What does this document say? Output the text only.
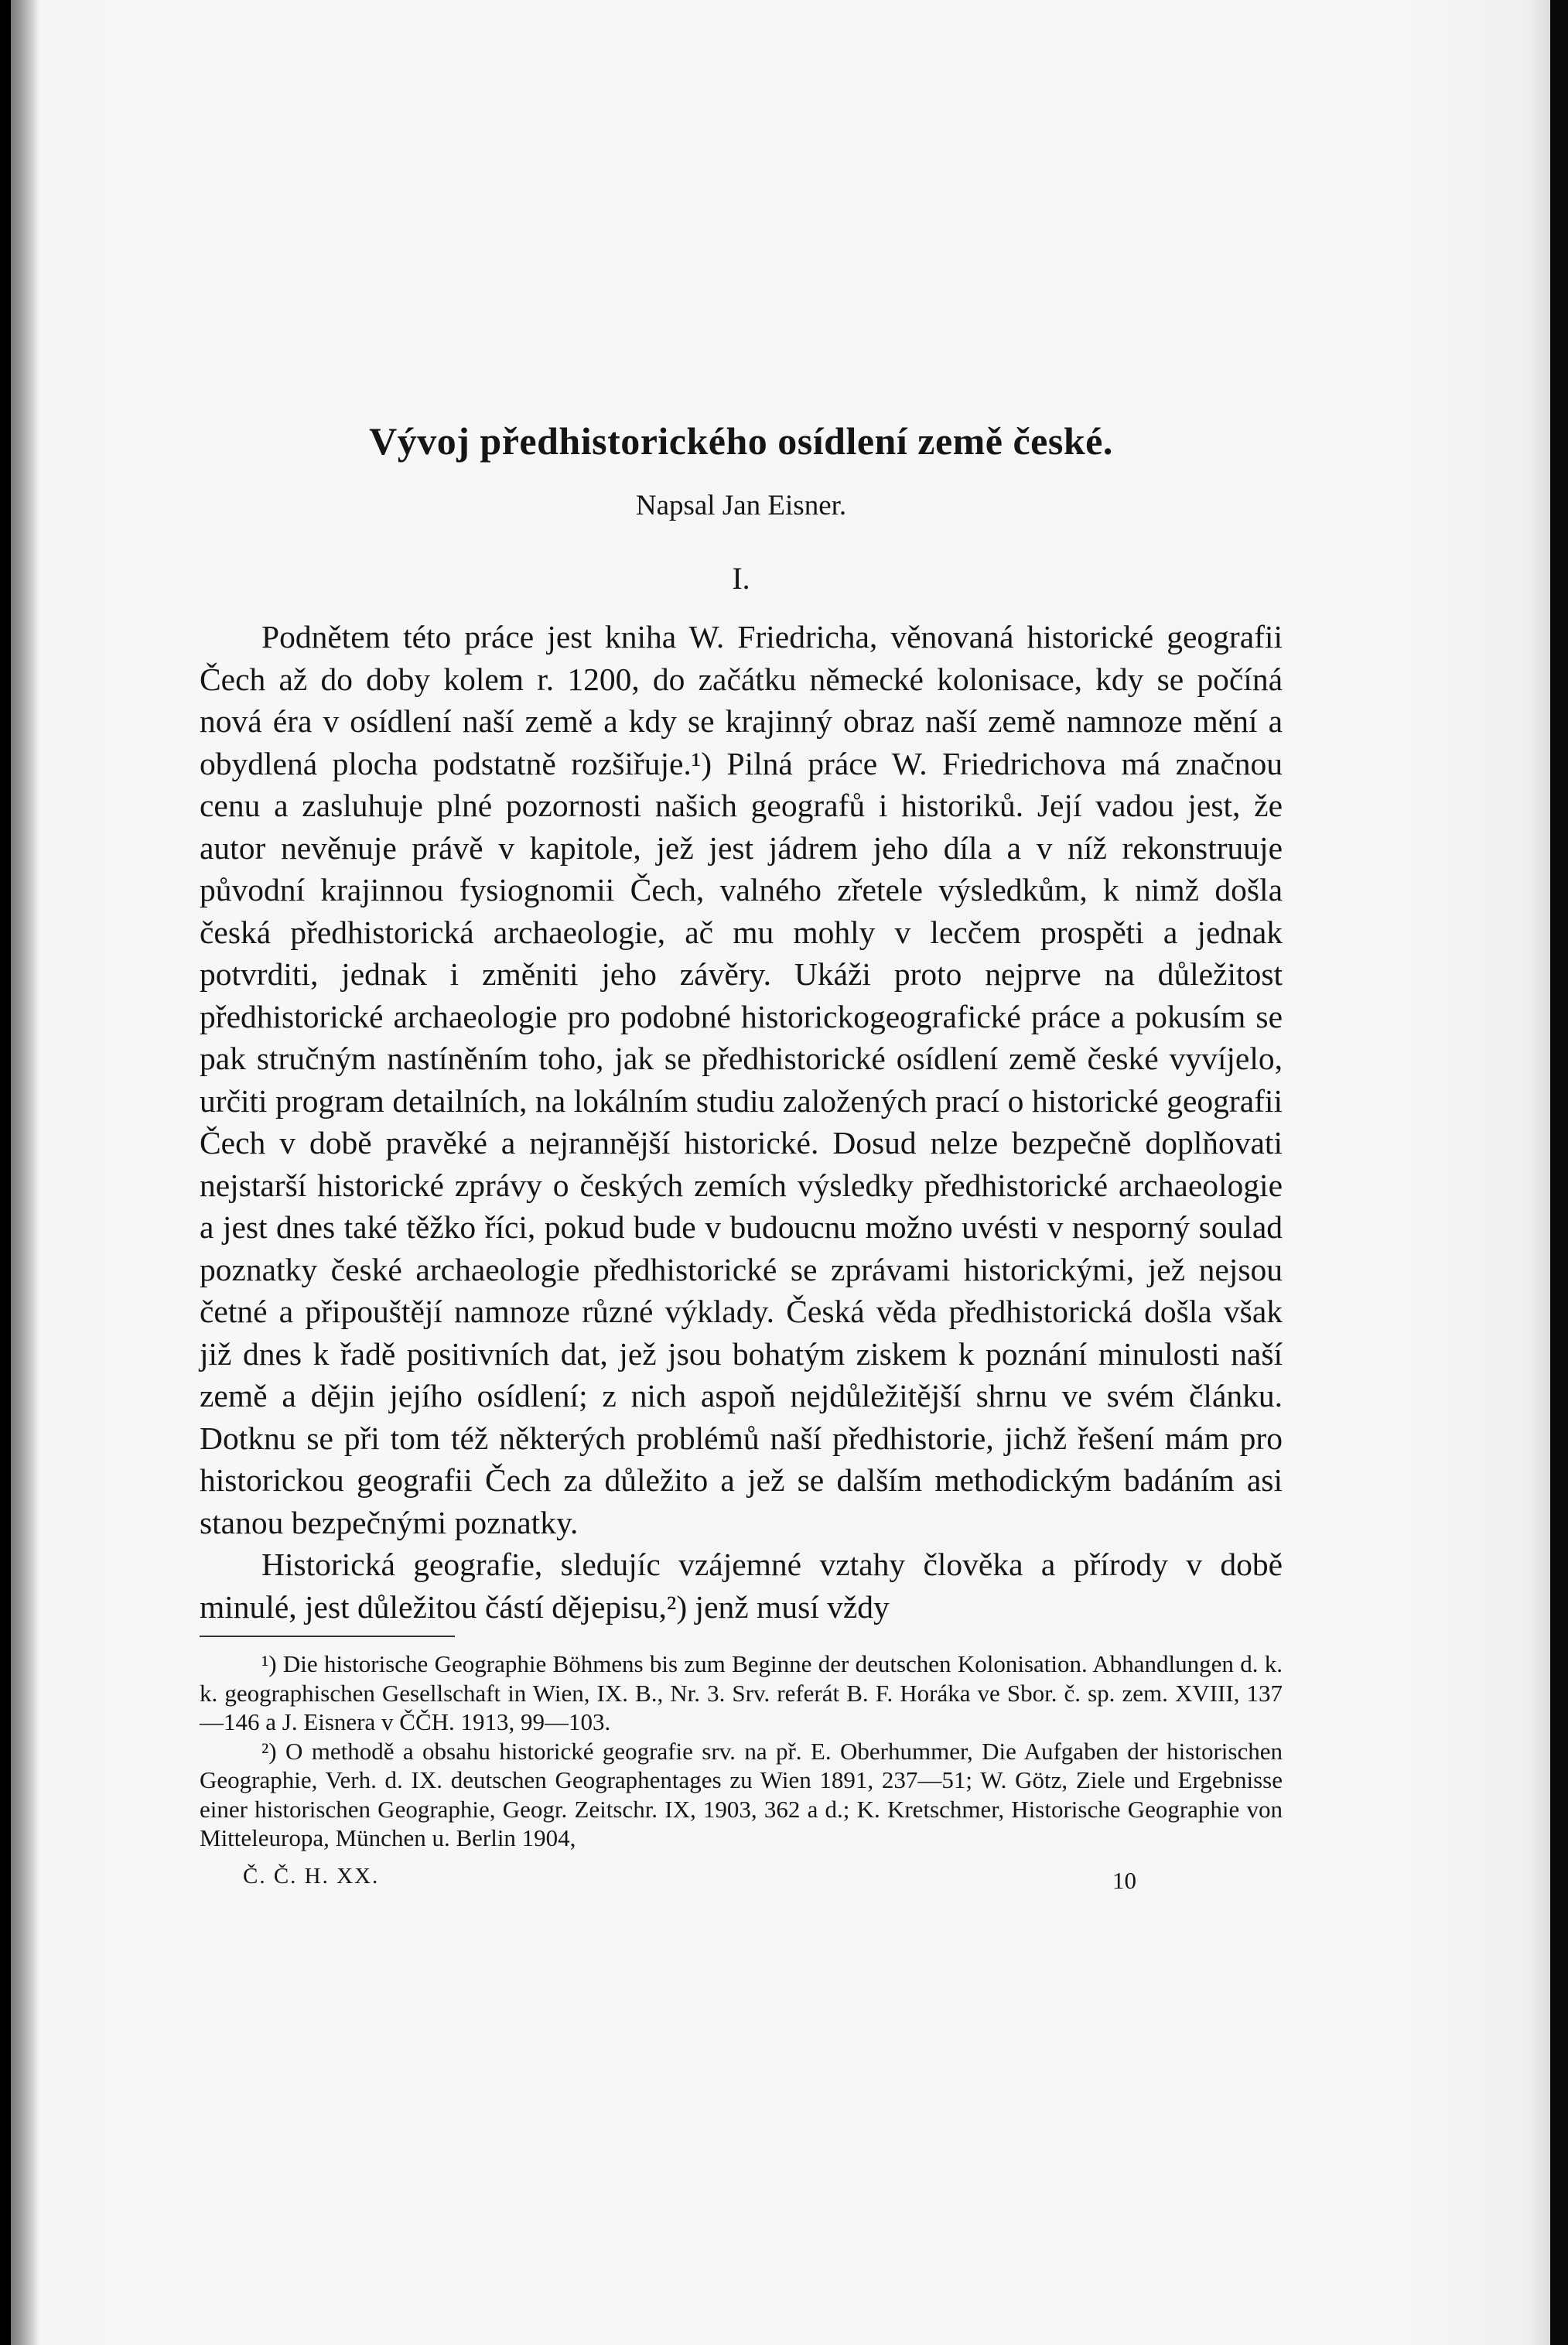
Vývoj předhistorického osídlení země české.
Napsal Jan Eisner.
I.

Podnětem této práce jest kniha W. Friedricha, věnovaná historické geografii Čech až do doby kolem r. 1200, do začátku německé kolonisace, kdy se počíná nová éra v osídlení naší země a kdy se krajinný obraz naší země namnoze mění a obydlená plocha podstatně rozšiřuje.¹) Pilná práce W. Friedrichova má značnou cenu a zasluhuje plné pozornosti našich geografů i historiků. Její vadou jest, že autor nevěnuje právě v kapitole, jež jest jádrem jeho díla a v níž rekonstruuje původní krajinnou fysiognomii Čech, valného zřetele výsledkům, k nimž došla česká předhistorická archaeologie, ač mu mohly v lecčem prospěti a jednak potvrditi, jednak i změniti jeho závěry. Ukáži proto nejprve na důležitost předhistorické archaeologie pro podobné historickogeografické práce a pokusím se pak stručným nastíněním toho, jak se předhistorické osídlení země české vyvíjelo, určiti program detailních, na lokálním studiu založených prací o historické geografii Čech v době pravěké a nejrannější historické. Dosud nelze bezpečně doplňovati nejstarší historické zprávy o českých zemích výsledky předhistorické archaeologie a jest dnes také těžko říci, pokud bude v budoucnu možno uvésti v nesporný soulad poznatky české archaeologie předhistorické se zprávami historickými, jež nejsou četné a připouštějí namnoze různé výklady. Česká věda předhistorická došla však již dnes k řadě positivních dat, jež jsou bohatým ziskem k poznání minulosti naší země a dějin jejího osídlení; z nich aspoň nejdůležitější shrnu ve svém článku. Dotknu se při tom též některých problémů naší předhistorie, jichž řešení mám pro historickou geografii Čech za důležito a jež se dalším methodickým badáním asi stanou bezpečnými poznatky.

Historická geografie, sledujíc vzájemné vztahy člověka a přírody v době minulé, jest důležitou částí dějepisu,²) jenž musí vždy

¹) Die historische Geographie Böhmens bis zum Beginne der deutschen Kolonisation. Abhandlungen d. k. k. geographischen Gesellschaft in Wien, IX. B., Nr. 3. Srv. referát B. F. Horáka ve Sbor. č. sp. zem. XVIII, 137—146 a J. Eisnera v ČČH. 1913, 99—103.

²) O methodě a obsahu historické geografie srv. na př. E. Oberhummer, Die Aufgaben der historischen Geographie, Verh. d. IX. deutschen Geographentages zu Wien 1891, 237—51; W. Götz, Ziele und Ergebnisse einer historischen Geographie, Geogr. Zeitschr. IX, 1903, 362 a d.; K. Kretschmer, Historische Geographie von Mitteleuropa, München u. Berlin 1904,

Č. Č. H. XX.	10
